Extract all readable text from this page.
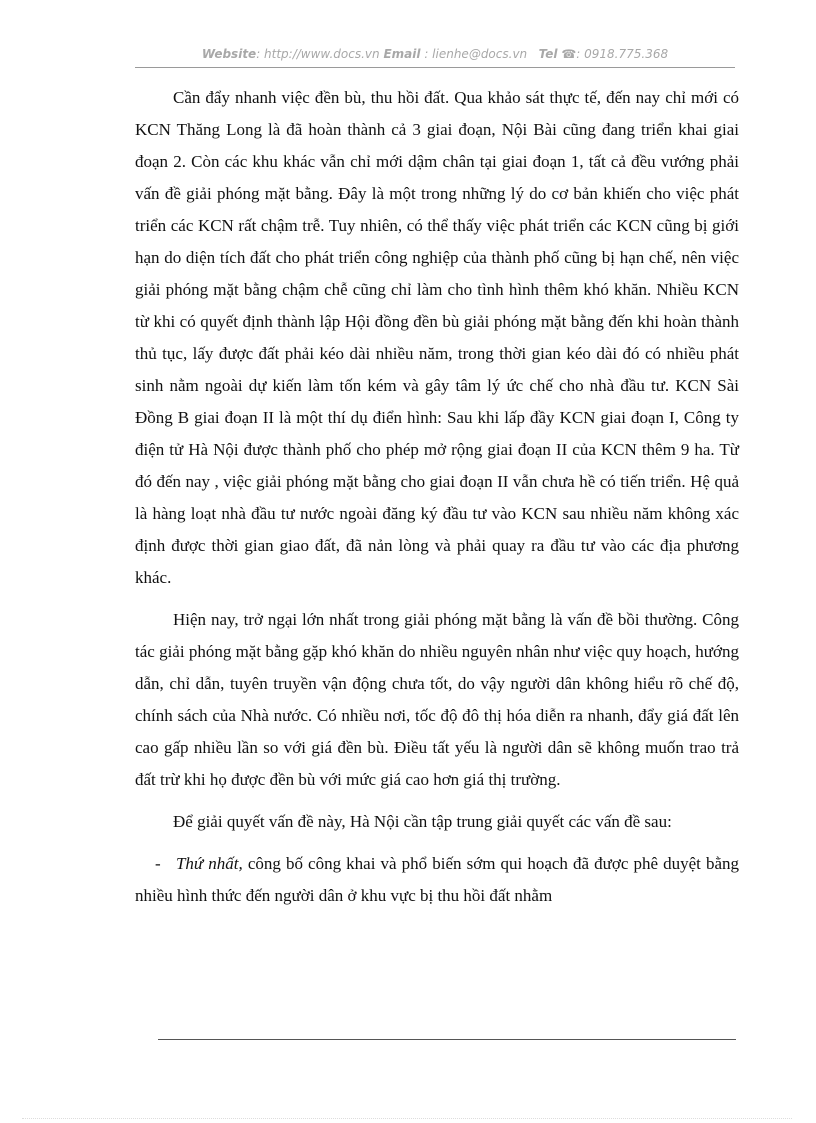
Website: http://www.docs.vn Email : lienhe@docs.vn Tel ☎: 0918.775.368

Cần đẩy nhanh việc đền bù, thu hồi đất. Qua khảo sát thực tế, đến nay chỉ mới có KCN Thăng Long là đã hoàn thành cả 3 giai đoạn, Nội Bài cũng đang triển khai giai đoạn 2. Còn các khu khác vẫn chỉ mới dậm chân tại giai đoạn 1, tất cả đều vướng phải vấn đề giải phóng mặt bằng. Đây là một trong những lý do cơ bản khiến cho việc phát triển các KCN rất chậm trễ. Tuy nhiên, có thể thấy việc phát triển các KCN cũng bị giới hạn do diện tích đất cho phát triển công nghiệp của thành phố cũng bị hạn chế, nên việc giải phóng mặt bằng chậm chễ cũng chỉ làm cho tình hình thêm khó khăn. Nhiều KCN từ khi có quyết định thành lập Hội đồng đền bù giải phóng mặt bằng đến khi hoàn thành thủ tục, lấy được đất phải kéo dài nhiều năm, trong thời gian kéo dài đó có nhiều phát sinh nằm ngoài dự kiến làm tốn kém và gây tâm lý ức chế cho nhà đầu tư. KCN Sài Đồng B giai đoạn II là một thí dụ điển hình: Sau khi lấp đầy KCN giai đoạn I, Công ty điện tử Hà Nội được thành phố cho phép mở rộng giai đoạn II của KCN thêm 9 ha. Từ đó đến nay , việc giải phóng mặt bằng cho giai đoạn II vẫn chưa hề có tiến triển. Hệ quả là hàng loạt nhà đầu tư nước ngoài đăng ký đầu tư vào KCN sau nhiều năm không xác định được thời gian giao đất, đã nản lòng và phải quay ra đầu tư vào các địa phương khác.

Hiện nay, trở ngại lớn nhất trong giải phóng mặt bằng là vấn đề bồi thường. Công tác giải phóng mặt bằng gặp khó khăn do nhiều nguyên nhân như việc quy hoạch, hướng dẫn, chỉ dẫn, tuyên truyền vận động chưa tốt, do vậy người dân không hiểu rõ chế độ, chính sách của Nhà nước. Có nhiều nơi, tốc độ đô thị hóa diễn ra nhanh, đẩy giá đất lên cao gấp nhiều lần so với giá đền bù. Điều tất yếu là người dân sẽ không muốn trao trả đất trừ khi họ được đền bù với mức giá cao hơn giá thị trường.

Để giải quyết vấn đề này, Hà Nội cần tập trung giải quyết các vấn đề sau:

- Thứ nhất, công bố công khai và phổ biến sớm qui hoạch đã được phê duyệt bằng nhiều hình thức đến người dân ở khu vực bị thu hồi đất nhằm
